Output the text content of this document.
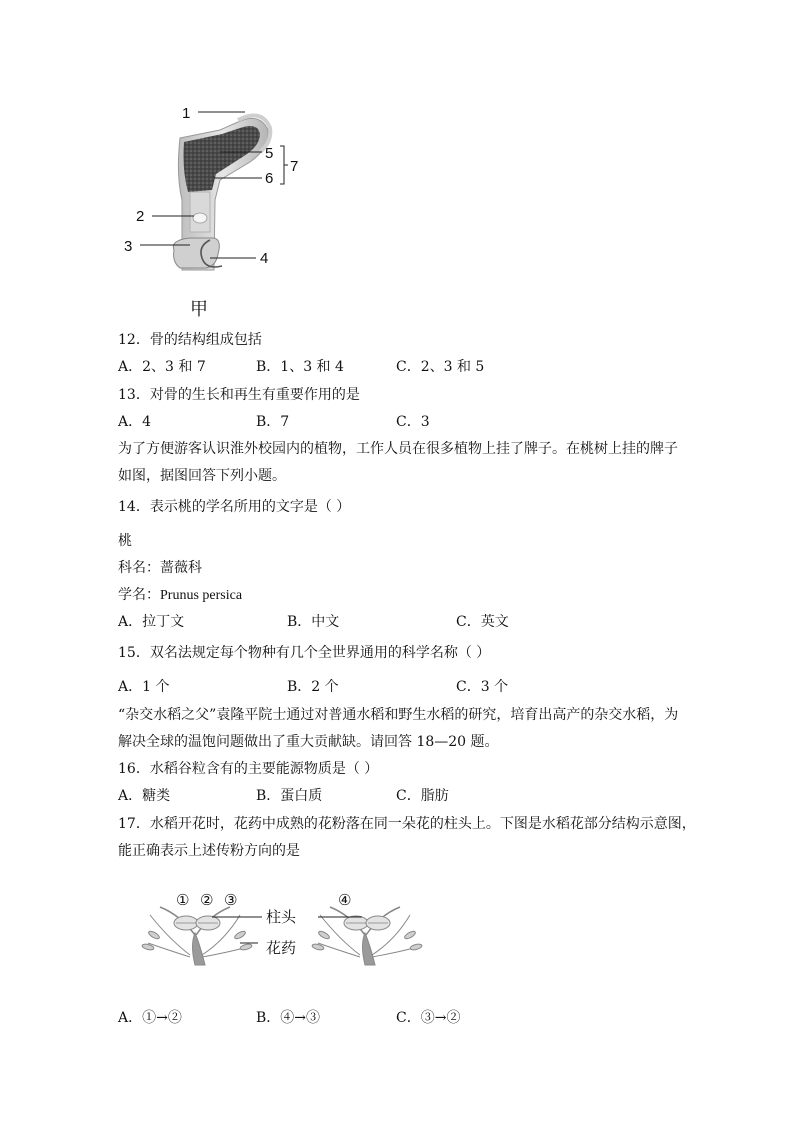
1
5
6
7
2
3
4
甲
12．骨的结构组成包括
A．2、3 和 7	B．1、3 和 4	C．2、3 和 5
13．对骨的生长和再生有重要作用的是
A．4	B．7	C．3
为了方便游客认识淮外校园内的植物，工作人员在很多植物上挂了牌子。在桃树上挂的牌子
如图，据图回答下列小题。
14．表示桃的学名所用的文字是（ ）
桃
科名：蔷薇科
学名：Prunus persica
A．拉丁文	B．中文	C．英文
15．双名法规定每个物种有几个全世界通用的科学名称（ ）
A．1 个	B．2 个	C．3 个
“杂交水稻之父”袁隆平院士通过对普通水稻和野生水稻的研究，培育出高产的杂交水稻，为
解决全球的温饱问题做出了重大贡献缺。请回答 18—20 题。
16．水稻谷粒含有的主要能源物质是（ ）
A．糖类	B．蛋白质	C．脂肪
17．水稻开花时，花药中成熟的花粉落在同一朵花的柱头上。下图是水稻花部分结构示意图，
能正确表示上述传粉方向的是
① ② ③	④
柱头
花药
A．①→②	B．④→③	C．③→②
